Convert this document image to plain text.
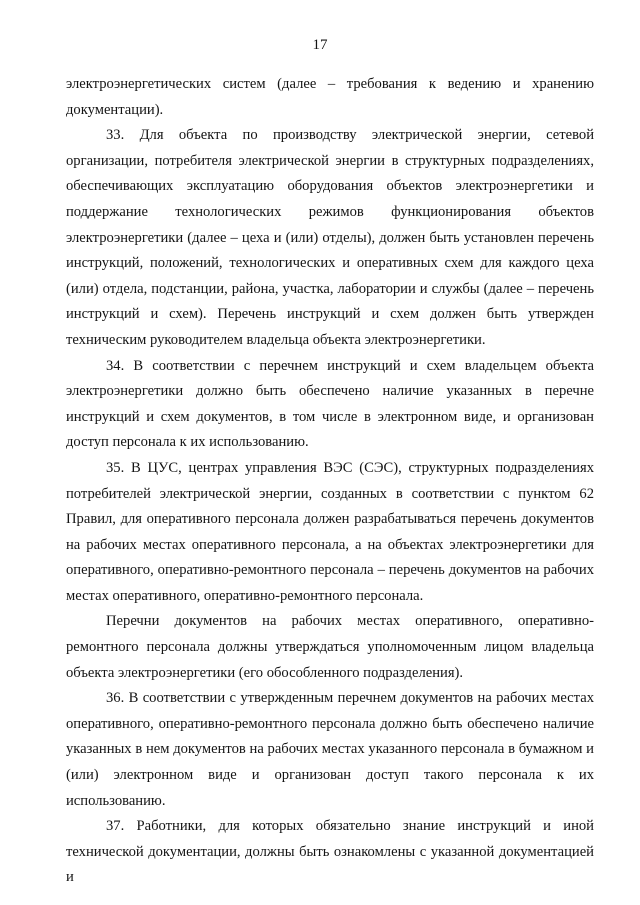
17

электроэнергетических систем (далее – требования к ведению и хранению документации).

33. Для объекта по производству электрической энергии, сетевой организации, потребителя электрической энергии в структурных подразделениях, обеспечивающих эксплуатацию оборудования объектов электроэнергетики и поддержание технологических режимов функционирования объектов электроэнергетики (далее – цеха и (или) отделы), должен быть установлен перечень инструкций, положений, технологических и оперативных схем для каждого цеха (или) отдела, подстанции, района, участка, лаборатории и службы (далее – перечень инструкций и схем). Перечень инструкций и схем должен быть утвержден техническим руководителем владельца объекта электроэнергетики.

34. В соответствии с перечнем инструкций и схем владельцем объекта электроэнергетики должно быть обеспечено наличие указанных в перечне инструкций и схем документов, в том числе в электронном виде, и организован доступ персонала к их использованию.

35. В ЦУС, центрах управления ВЭС (СЭС), структурных подразделениях потребителей электрической энергии, созданных в соответствии с пунктом 62 Правил, для оперативного персонала должен разрабатываться перечень документов на рабочих местах оперативного персонала, а на объектах электроэнергетики для оперативного, оперативно-ремонтного персонала – перечень документов на рабочих местах оперативного, оперативно-ремонтного персонала.

Перечни документов на рабочих местах оперативного, оперативно-ремонтного персонала должны утверждаться уполномоченным лицом владельца объекта электроэнергетики (его обособленного подразделения).

36. В соответствии с утвержденным перечнем документов на рабочих местах оперативного, оперативно-ремонтного персонала должно быть обеспечено наличие указанных в нем документов на рабочих местах указанного персонала в бумажном и (или) электронном виде и организован доступ такого персонала к их использованию.

37. Работники, для которых обязательно знание инструкций и иной технической документации, должны быть ознакомлены с указанной документацией и
